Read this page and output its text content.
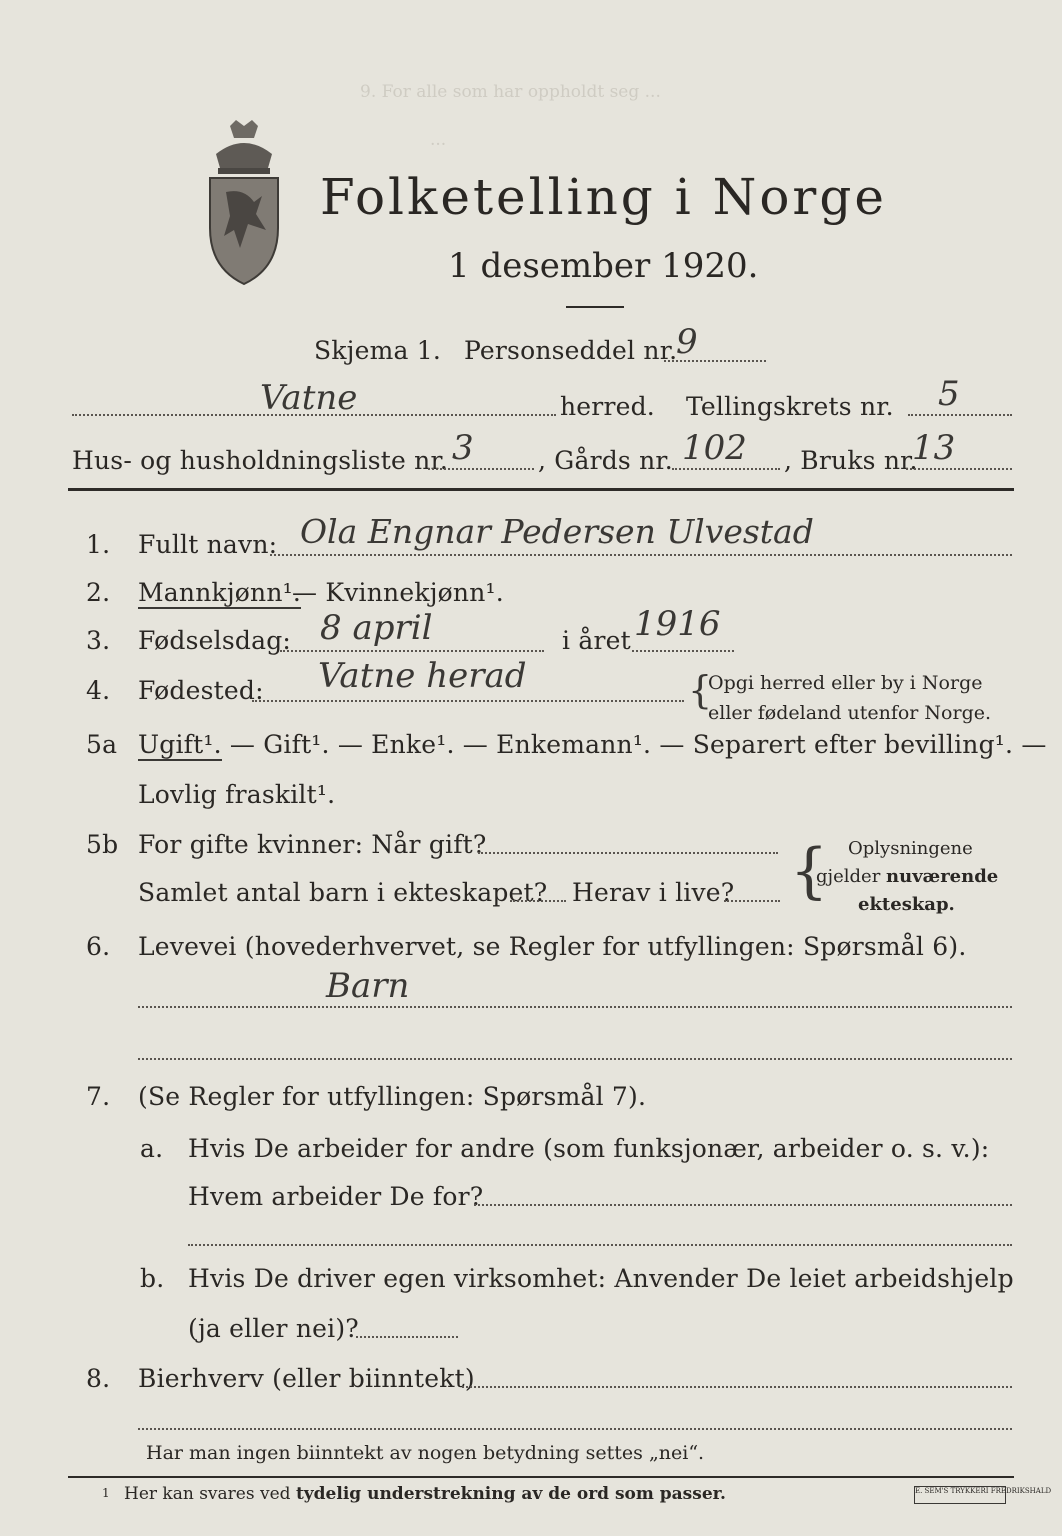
9. For alle som har oppholdt seg ...
...
Folketelling i Norge
1 desember 1920.
Skjema 1. Personseddel nr.
9
Vatne	herred. Tellingskrets nr. 5
Hus- og husholdningsliste nr. 3	, Gårds nr. 102 , Bruks nr.
13
1. Fullt navn: Ola Engnar Pedersen Ulvestad
2. Mannkjønn¹.
— Kvinnekjønn¹.
3. Fødselsdag: 8 april	i året 1916
4. Fødested: Vatne herad	{
Opgi herred eller by i Norge
eller fødeland utenfor Norge.
5a Ugift¹. — Gift¹. — Enke¹. — Enkemann¹. — Separert efter bevilling¹. —
Lovlig fraskilt¹.
5b For gifte kvinner: Når gift?
Samlet antal barn i ekteskapet? Herav i live? { Oplysningene
gjelder nuværende
ekteskap.
6. Levevei (hovederhvervet, se Regler for utfyllingen: Spørsmål 6).
Barn
7. (Se Regler for utfyllingen: Spørsmål 7).
a. Hvis De arbeider for andre (som funksjonær, arbeider o. s. v.):
Hvem arbeider De for?
b. Hvis De driver egen virksomhet: Anvender De leiet arbeidshjelp
(ja eller nei)?
8. Bierhverv (eller biinntekt)
Har man ingen biinntekt av nogen betydning settes „nei“.
1 Her kan svares ved tydelig understrekning av de ord som passer.	E. SEM'S TRYKKERI FREDRIKSHALD
